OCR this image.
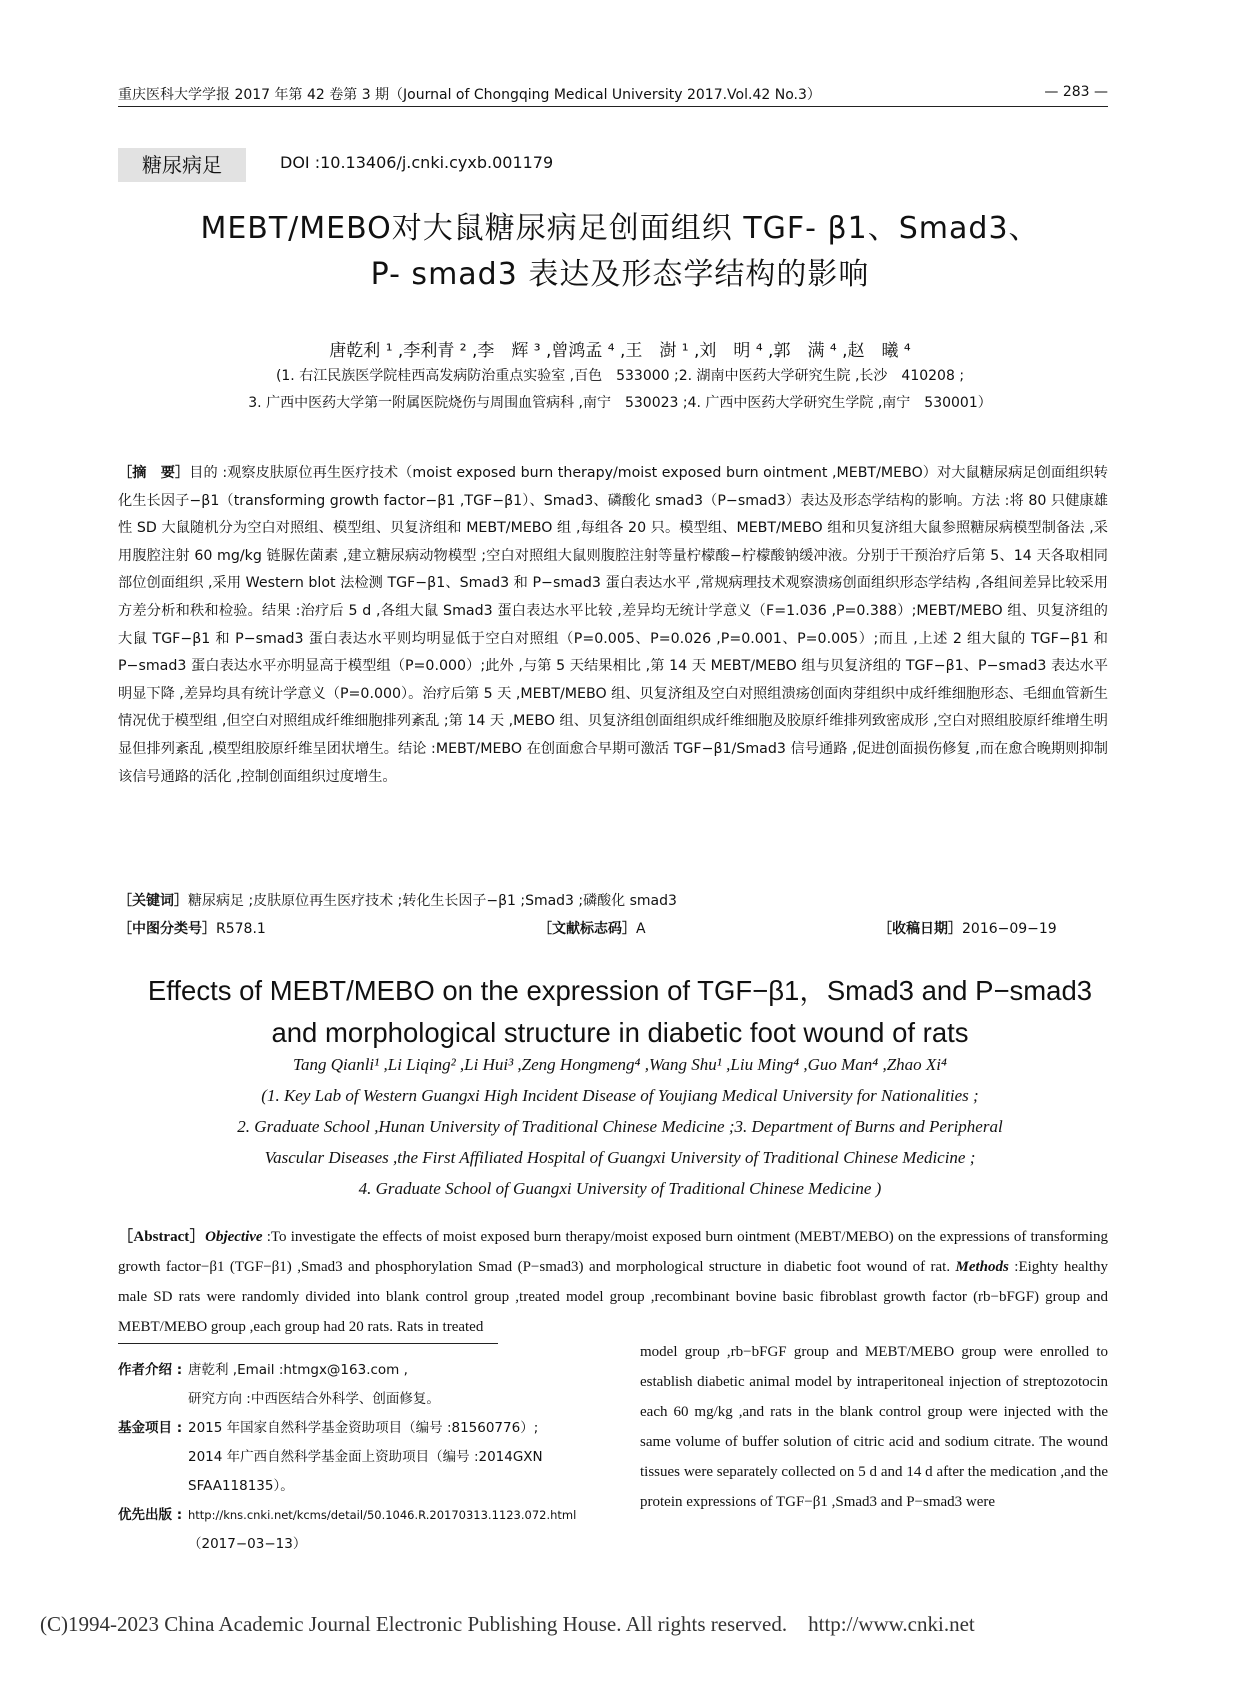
重庆医科大学学报 2017 年第 42 卷第 3 期（Journal of Chongqing Medical University 2017.Vol.42 No.3）	— 283 —
糖尿病足	DOI :10.13406/j.cnki.cyxb.001179
MEBT/MEBO对大鼠糖尿病足创面组织 TGF- β1、Smad3、
P- smad3 表达及形态学结构的影响
唐乾利 ¹ ,李利青 ² ,李　辉 ³ ,曾鸿孟 ⁴ ,王　澍 ¹ ,刘　明 ⁴ ,郭　满 ⁴ ,赵　曦 ⁴
(1. 右江民族医学院桂西高发病防治重点实验室 ,百色　533000 ;2. 湖南中医药大学研究生院 ,长沙　410208 ;
3. 广西中医药大学第一附属医院烧伤与周围血管病科 ,南宁　530023 ;4. 广西中医药大学研究生学院 ,南宁　530001）
［摘　要］目的 :观察皮肤原位再生医疗技术（moist exposed burn therapy/moist exposed burn ointment ,MEBT/MEBO）对大鼠糖尿病足创面组织转化生长因子−β1（transforming growth factor−β1 ,TGF−β1）、Smad3、磷酸化 smad3（P−smad3）表达及形态学结构的影响。方法 :将 80 只健康雄性 SD 大鼠随机分为空白对照组、模型组、贝复济组和 MEBT/MEBO 组 ,每组各 20 只。模型组、MEBT/MEBO 组和贝复济组大鼠参照糖尿病模型制备法 ,采用腹腔注射 60 mg/kg 链脲佐菌素 ,建立糖尿病动物模型 ;空白对照组大鼠则腹腔注射等量柠檬酸−柠檬酸钠缓冲液。分别于干预治疗后第 5、14 天各取相同部位创面组织 ,采用 Western blot 法检测 TGF−β1、Smad3 和 P−smad3 蛋白表达水平 ,常规病理技术观察溃疡创面组织形态学结构 ,各组间差异比较采用方差分析和秩和检验。结果 :治疗后 5 d ,各组大鼠 Smad3 蛋白表达水平比较 ,差异均无统计学意义（F=1.036 ,P=0.388）;MEBT/MEBO 组、贝复济组的大鼠 TGF−β1 和 P−smad3 蛋白表达水平则均明显低于空白对照组（P=0.005、P=0.026 ,P=0.001、P=0.005）;而且 ,上述 2 组大鼠的 TGF−β1 和 P−smad3 蛋白表达水平亦明显高于模型组（P=0.000）;此外 ,与第 5 天结果相比 ,第 14 天 MEBT/MEBO 组与贝复济组的 TGF−β1、P−smad3 表达水平明显下降 ,差异均具有统计学意义（P=0.000）。治疗后第 5 天 ,MEBT/MEBO 组、贝复济组及空白对照组溃疡创面肉芽组织中成纤维细胞形态、毛细血管新生情况优于模型组 ,但空白对照组成纤维细胞排列紊乱 ;第 14 天 ,MEBO 组、贝复济组创面组织成纤维细胞及胶原纤维排列致密成形 ,空白对照组胶原纤维增生明显但排列紊乱 ,模型组胶原纤维呈团状增生。结论 :MEBT/MEBO 在创面愈合早期可激活 TGF−β1/Smad3 信号通路 ,促进创面损伤修复 ,而在愈合晚期则抑制该信号通路的活化 ,控制创面组织过度增生。
［关键词］糖尿病足 ;皮肤原位再生医疗技术 ;转化生长因子−β1 ;Smad3 ;磷酸化 smad3
［中图分类号］R578.1	［文献标志码］A	［收稿日期］2016−09−19
Effects of MEBT/MEBO on the expression of TGF−β1，Smad3 and P−smad3
and morphological structure in diabetic foot wound of rats
Tang Qianli¹ ,Li Liqing² ,Li Hui³ ,Zeng Hongmeng⁴ ,Wang Shu¹ ,Liu Ming⁴ ,Guo Man⁴ ,Zhao Xi⁴
(1. Key Lab of Western Guangxi High Incident Disease of Youjiang Medical University for Nationalities ;
2. Graduate School ,Hunan University of Traditional Chinese Medicine ;3. Department of Burns and Peripheral
Vascular Diseases ,the First Affiliated Hospital of Guangxi University of Traditional Chinese Medicine ;
4. Graduate School of Guangxi University of Traditional Chinese Medicine )
［Abstract］Objective :To investigate the effects of moist exposed burn therapy/moist exposed burn ointment (MEBT/MEBO) on the expressions of transforming growth factor−β1 (TGF−β1) ,Smad3 and phosphorylation Smad (P−smad3) and morphological structure in diabetic foot wound of rat. Methods :Eighty healthy male SD rats were randomly divided into blank control group ,treated model group ,recombinant bovine basic fibroblast growth factor (rb−bFGF) group and MEBT/MEBO group ,each group had 20 rats. Rats in treated
作者介绍 : 唐乾利 ,Email :htmgx@163.com ,
研究方向 :中西医结合外科学、创面修复。
基金项目 : 2015 年国家自然科学基金资助项目（编号 :81560776）;
2014 年广西自然科学基金面上资助项目（编号 :2014GXN
SFAA118135）。
优先出版 : http://kns.cnki.net/kcms/detail/50.1046.R.20170313.1123.072.html
（2017−03−13）
model group ,rb−bFGF group and MEBT/MEBO group were enrolled to establish diabetic animal model by intraperitoneal injection of streptozotocin each 60 mg/kg ,and rats in the blank control group were injected with the same volume of buffer solution of citric acid and sodium citrate. The wound tissues were separately collected on 5 d and 14 d after the medication ,and the protein expressions of TGF−β1 ,Smad3 and P−smad3 were
(C)1994-2023 China Academic Journal Electronic Publishing House. All rights reserved.　http://www.cnki.net
